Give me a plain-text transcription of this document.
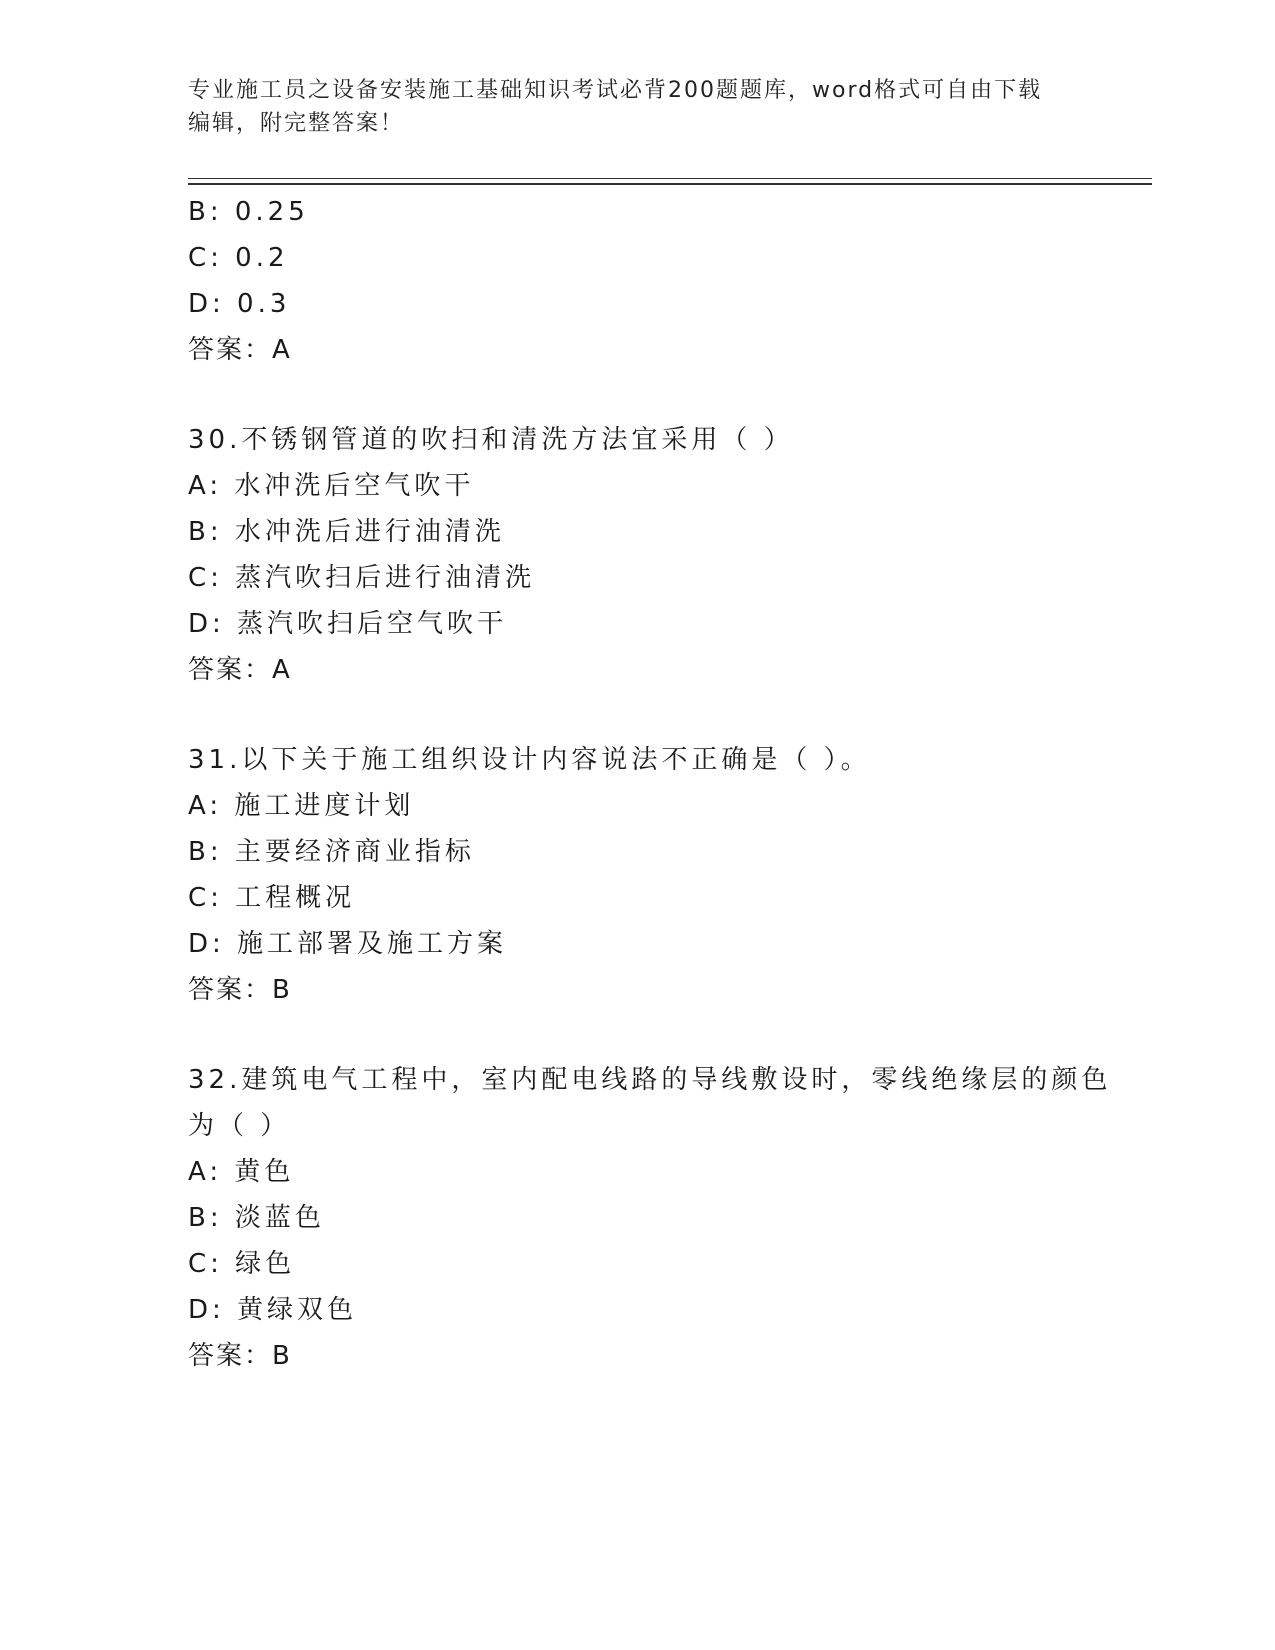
专业施工员之设备安装施工基础知识考试必背200题题库，word格式可自由下载
编辑，附完整答案！
B: 0.25
C: 0.2
D: 0.3
答案：A
30.不锈钢管道的吹扫和清洗方法宜采用（ ）
A: 水冲洗后空气吹干
B: 水冲洗后进行油清洗
C: 蒸汽吹扫后进行油清洗
D: 蒸汽吹扫后空气吹干
答案：A
31.以下关于施工组织设计内容说法不正确是（ ）。
A: 施工进度计划
B: 主要经济商业指标
C: 工程概况
D: 施工部署及施工方案
答案：B
32.建筑电气工程中，室内配电线路的导线敷设时，零线绝缘层的颜色
为（ ）
A: 黄色
B: 淡蓝色
C: 绿色
D: 黄绿双色
答案：B
